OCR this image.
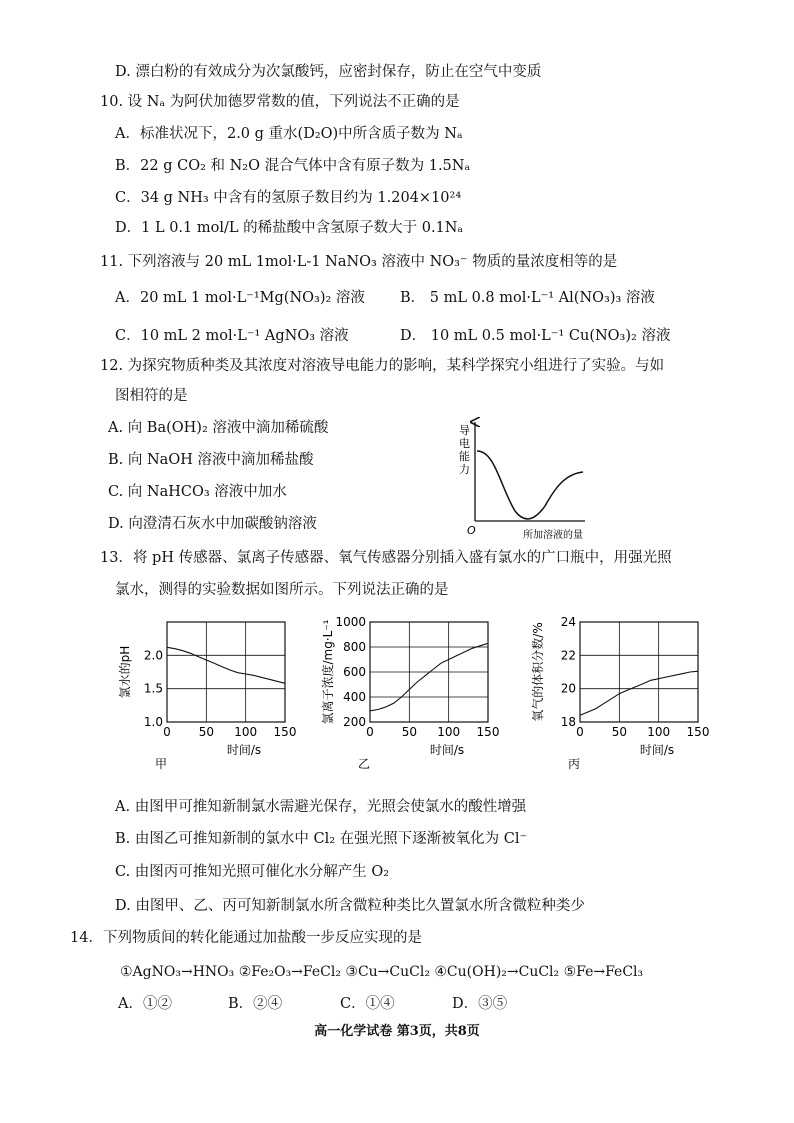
D. 漂白粉的有效成分为次氯酸钙，应密封保存，防止在空气中变质
10. 设 Nₐ 为阿伏加德罗常数的值，下列说法不正确的是
A．标准状况下，2.0 g 重水(D₂O)中所含质子数为 Nₐ
B．22 g CO₂ 和 N₂O 混合气体中含有原子数为 1.5Nₐ
C．34 g NH₃ 中含有的氢原子数目约为 1.204×10²⁴
D．1 L 0.1 mol/L 的稀盐酸中含氢原子数大于 0.1Nₐ
11. 下列溶液与 20 mL 1mol·L-1 NaNO₃ 溶液中 NO₃⁻ 物质的量浓度相等的是
A．20 mL 1 mol·L⁻¹Mg(NO₃)₂ 溶液 B． 5 mL 0.8 mol·L⁻¹ Al(NO₃)₃ 溶液
C．10 mL 2 mol·L⁻¹ AgNO₃ 溶液	D． 10 mL 0.5 mol·L⁻¹ Cu(NO₃)₂ 溶液
12. 为探究物质种类及其浓度对溶液导电能力的影响，某科学探究小组进行了实验。与如
图相符的是
A. 向 Ba(OH)₂ 溶液中滴加稀硫酸
B. 向 NaOH 溶液中滴加稀盐酸
C. 向 NaHCO₃ 溶液中加水
D. 向澄清石灰水中加碳酸钠溶液
导
电
能
力
O	所加溶液的量
13．将 pH 传感器、氯离子传感器、氧气传感器分别插入盛有氯水的广口瓶中，用强光照
氯水，测得的实验数据如图所示。下列说法正确的是
0 50 100 150
1.0
1.5
2.0
时间/s
氯水的pH
甲
0 50 100 150
200
400
600
800
1000
时间/s
氯离子浓度/mg·L⁻¹
乙
0 50 100 150
18
20
22
24
时间/s
氧气的体积分数/%
丙
A. 由图甲可推知新制氯水需避光保存，光照会使氯水的酸性增强
B. 由图乙可推知新制的氯水中 Cl₂ 在强光照下逐渐被氧化为 Cl⁻
C. 由图丙可推知光照可催化水分解产生 O₂
D. 由图甲、乙、丙可知新制氯水所含微粒种类比久置氯水所含微粒种类少
14．下列物质间的转化能通过加盐酸一步反应实现的是
①AgNO₃→HNO₃ ②Fe₂O₃→FeCl₂ ③Cu→CuCl₂ ④Cu(OH)₂→CuCl₂ ⑤Fe→FeCl₃
A．①②	B．②④	C．①④	D．③⑤
高一化学试卷 第3页，共8页
